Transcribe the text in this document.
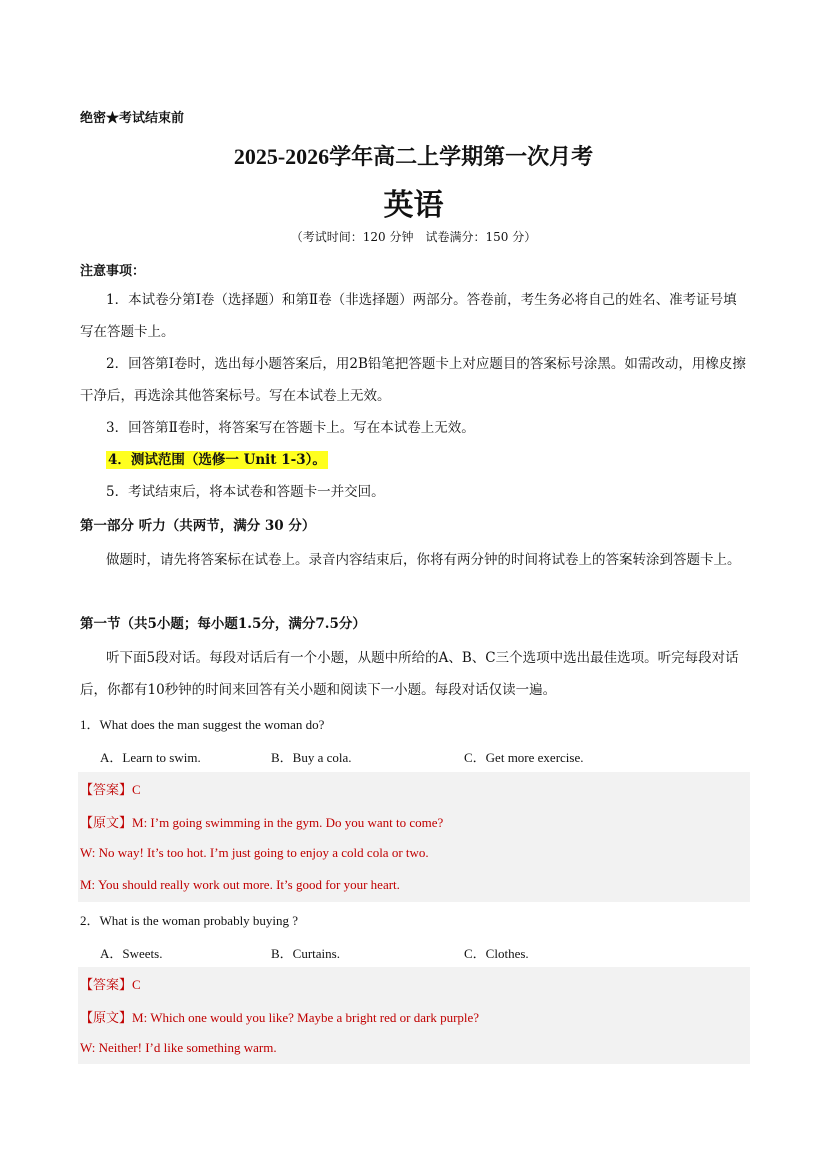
绝密★考试结束前
2025-2026学年高二上学期第一次月考
英语
（考试时间：120 分钟　试卷满分：150 分）
注意事项：
1．本试卷分第Ⅰ卷（选择题）和第Ⅱ卷（非选择题）两部分。答卷前，考生务必将自己的姓名、准考证号填写在答题卡上。
2．回答第Ⅰ卷时，选出每小题答案后，用2B铅笔把答题卡上对应题目的答案标号涂黑。如需改动，用橡皮擦干净后，再选涂其他答案标号。写在本试卷上无效。
3．回答第Ⅱ卷时，将答案写在答题卡上。写在本试卷上无效。
4．测试范围（选修一 Unit 1-3）。
5．考试结束后，将本试卷和答题卡一并交回。
第一部分 听力（共两节，满分 30 分）
做题时，请先将答案标在试卷上。录音内容结束后，你将有两分钟的时间将试卷上的答案转涂到答题卡上。
第一节（共5小题；每小题1.5分，满分7.5分）
听下面5段对话。每段对话后有一个小题，从题中所给的A、B、C三个选项中选出最佳选项。听完每段对话后，你都有10秒钟的时间来回答有关小题和阅读下一小题。每段对话仅读一遍。
1．What does the man suggest the woman do?
A．Learn to swim.	B．Buy a cola.	C．Get more exercise.
【答案】C
【原文】M: I’m going swimming in the gym. Do you want to come?
W: No way! It’s too hot. I’m just going to enjoy a cold cola or two.
M: You should really work out more. It’s good for your heart.
2．What is the woman probably buying ?
A．Sweets.	B．Curtains.	C．Clothes.
【答案】C
【原文】M: Which one would you like? Maybe a bright red or dark purple?
W: Neither! I’d like something warm.
